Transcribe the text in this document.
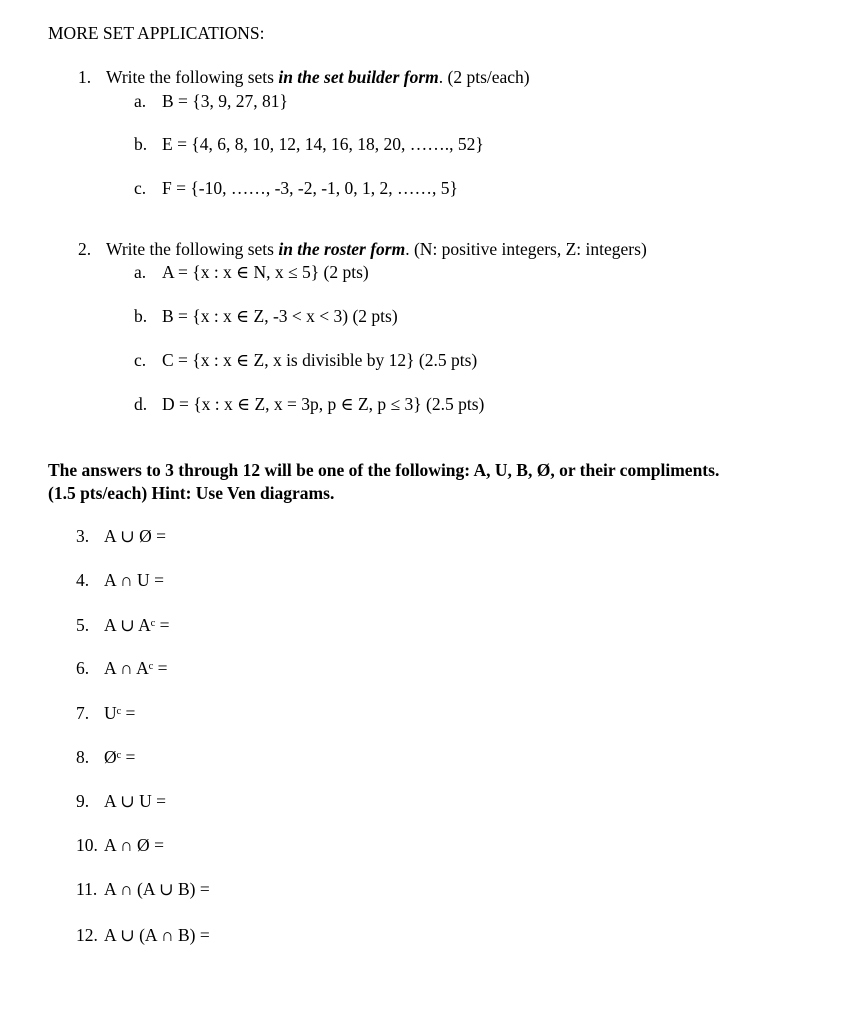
MORE SET APPLICATIONS:
1. Write the following sets in the set builder form. (2 pts/each)
a. B = {3, 9, 27, 81}
b. E = {4, 6, 8, 10, 12, 14, 16, 18, 20, ……., 52}
c. F = {-10, ……, -3, -2, -1, 0, 1, 2, ……, 5}
2. Write the following sets in the roster form. (N: positive integers, Z: integers)
a. A = {x : x ∈ N, x ≤ 5} (2 pts)
b. B = {x : x ∈ Z, -3 < x < 3) (2 pts)
c. C = {x : x ∈ Z, x is divisible by 12} (2.5 pts)
d. D = {x : x ∈ Z, x = 3p, p ∈ Z, p ≤ 3} (2.5 pts)
The answers to 3 through 12 will be one of the following: A, U, B, Ø, or their compliments.
(1.5 pts/each) Hint: Use Ven diagrams.
3. A ∪ Ø =
4. A ∩ U =
5. A ∪ Aᶜ =
6. A ∩ Aᶜ =
7. Uᶜ =
8. Øᶜ =
9. A ∪ U =
10. A ∩ Ø =
11. A ∩ (A ∪ B) =
12. A ∪ (A ∩ B) =
